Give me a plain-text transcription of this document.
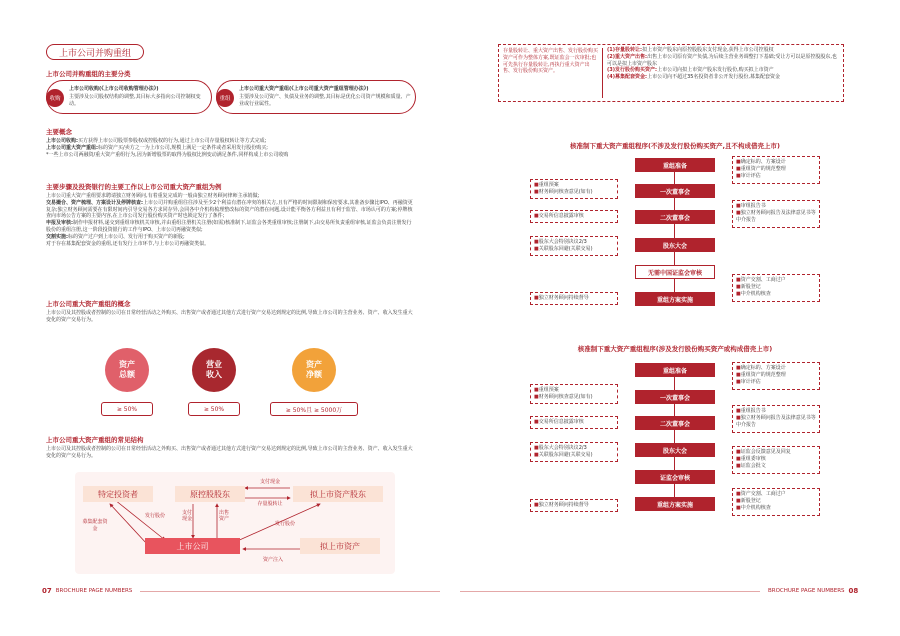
上市公司并购重组
上市公司并购重组的主要分类
收购
上市公司收购(《上市公司收购管理办法》)
主要涉及公司股权结构的调整,其目标大多指向公司控制权变动。
重组
上市公司重大资产重组(《上市公司重大资产重组管理办法》)
主要涉及公司资产、负债及业务的调整,其目标是优化公司资产规模和质量、产业或行业属性。
主要概念
上市公司收购:买方获得上市公司股票参股权或控股权的行为,通过上市公司存量股权转让等方式完成;
上市公司重大资产重组:标的资产买/卖方之一为上市公司,规模上满足一定条件或者采用发行股份购买;
*一些上市公司两融资/重大资产重组行为,因为新增股票的取得为股权比例变动满足条件,同样构成上市公司收购
主要步骤及投资银行的主要工作以上市公司重大资产重组为例
上市公司重大资产重组要求聘请独立财务顾问,有着重复完成的一般由独立财务顾问律师主承销做;
交易撮合、资产梳理、方案设计及停牌核查:上市公司并购重组往往涉及至少2个利益有潜在冲突的相关方,且有严格的时间限制和保密要求,其准备步骤比IPO、再融资更复杂;独立财务顾问需要在有限时间内引导交易各方求同存异,会同各中介机构梳理整改标的资产的潜在问题,设计能平衡各方利益且有利于监管、市场认可的方案;停牌核查向市场公告方案的主要内容,在上市公司发行股份购买资产时也锁定发行了条件;
申报及审核:制作申报材料,递交到重组审核机关审核,并由重组注册机关注册(如需)核准制下,证监会各类重组审核;注册制下,由交易所负责重组审核,证监会负责注册发行股份的重组注册,这一阶段投资银行的工作与IPO、上市公司再融资类似;
交割实施:标的资产过户到上市公司、发行用于购买资产的新股;
对于存在募集配套资金的重组,还有发行上市环节,与上市公司再融资类似。
上市公司重大资产重组的概念
上市公司及其控股或者控制的公司在日常经营活动之外购买、出售资产或者通过其他方式进行资产交易达到规定的比例,导致上市公司的主营业务、资产、收入发生重大变化的资产交易行为。
资产
总额
≥ 50%
营业
收入
≥ 50%
资产
净额
≥ 50%且 ≥ 5000万
上市公司重大资产重组的常见结构
上市公司及其控股或者控制的公司在日常经营活动之外购买、出售资产或者通过其他方式进行资产交易达到规定的比例,导致上市公司的主营业务、资产、收入发生重大变化的资产交易行为。
特定投资者	原控股股东	拟上市资产股东
上市公司	拟上市资产
支付现金
存量股转让
发行股份
募集配套资金
支付现金
出售资产
发行股份
资产注入
07 BROCHURE PAGE NUMBERS
存量股转让、重大资产出售、发行股份购买资产可作为整体方案,既证监会一次审批;也可先执行存量股转让,再执行重大资产出售、发行股份购买资产。
(1)存量股转让:拟上市资产股东向原控股股东支付现金,获得上市公司控股权
(2)重大资产出售:出售上市公司原有资产负债,为后续主营业务调整打下基础;受让方可以是原控股股东,也可以是拟上市资产股东
(3)发行股份购买资产:上市公司向拟上市资产股东发行股份,购买拟上市资产
(4)募集配套资金:上市公司向不超过35名投资者非公开发行股份,募集配套资金
核准制下重大资产重组程序(不涉及发行股份购买资产,且不构成借壳上市)
重组准备
一次董事会
二次董事会
股东大会
无需中国证监会审核
重组方案实施
■重组预案
■财务顾问核查意见(如有)
■交易所信息披露审核
■股东大会特别决议2/3
■关联股东回避(关联交易)
■独立财务顾问持续督导
■确定标的、方案设计
■重组资产的规范整理
■审计评估
■审组报告书
■独立财务顾问报告及法律意见书等中介报告
■资产交割、工商过户
■新股登记
■中介机构核查
核准制下重大资产重组程序(涉及发行股份购买资产或构成借壳上市)
重组准备
一次董事会
二次董事会
股东大会
证监会审核
重组方案实施
■重组预案
■财务顾问核查意见(如有)
■交易所信息披露审核
■股东大会特别决议2/3
■关联股东回避(关联交易)
■独立财务顾问持续督导
■确定标的、方案设计
■重组资产的规范整理
■审计评估
■重组报告书
■独立财务顾问报告及法律意见书等中介报告
■证监会反馈意见及回复
■重组委审核
■证监会批文
■资产交割、工商过户
■新股登记
■中介机构核查
BROCHURE PAGE NUMBERS 08
